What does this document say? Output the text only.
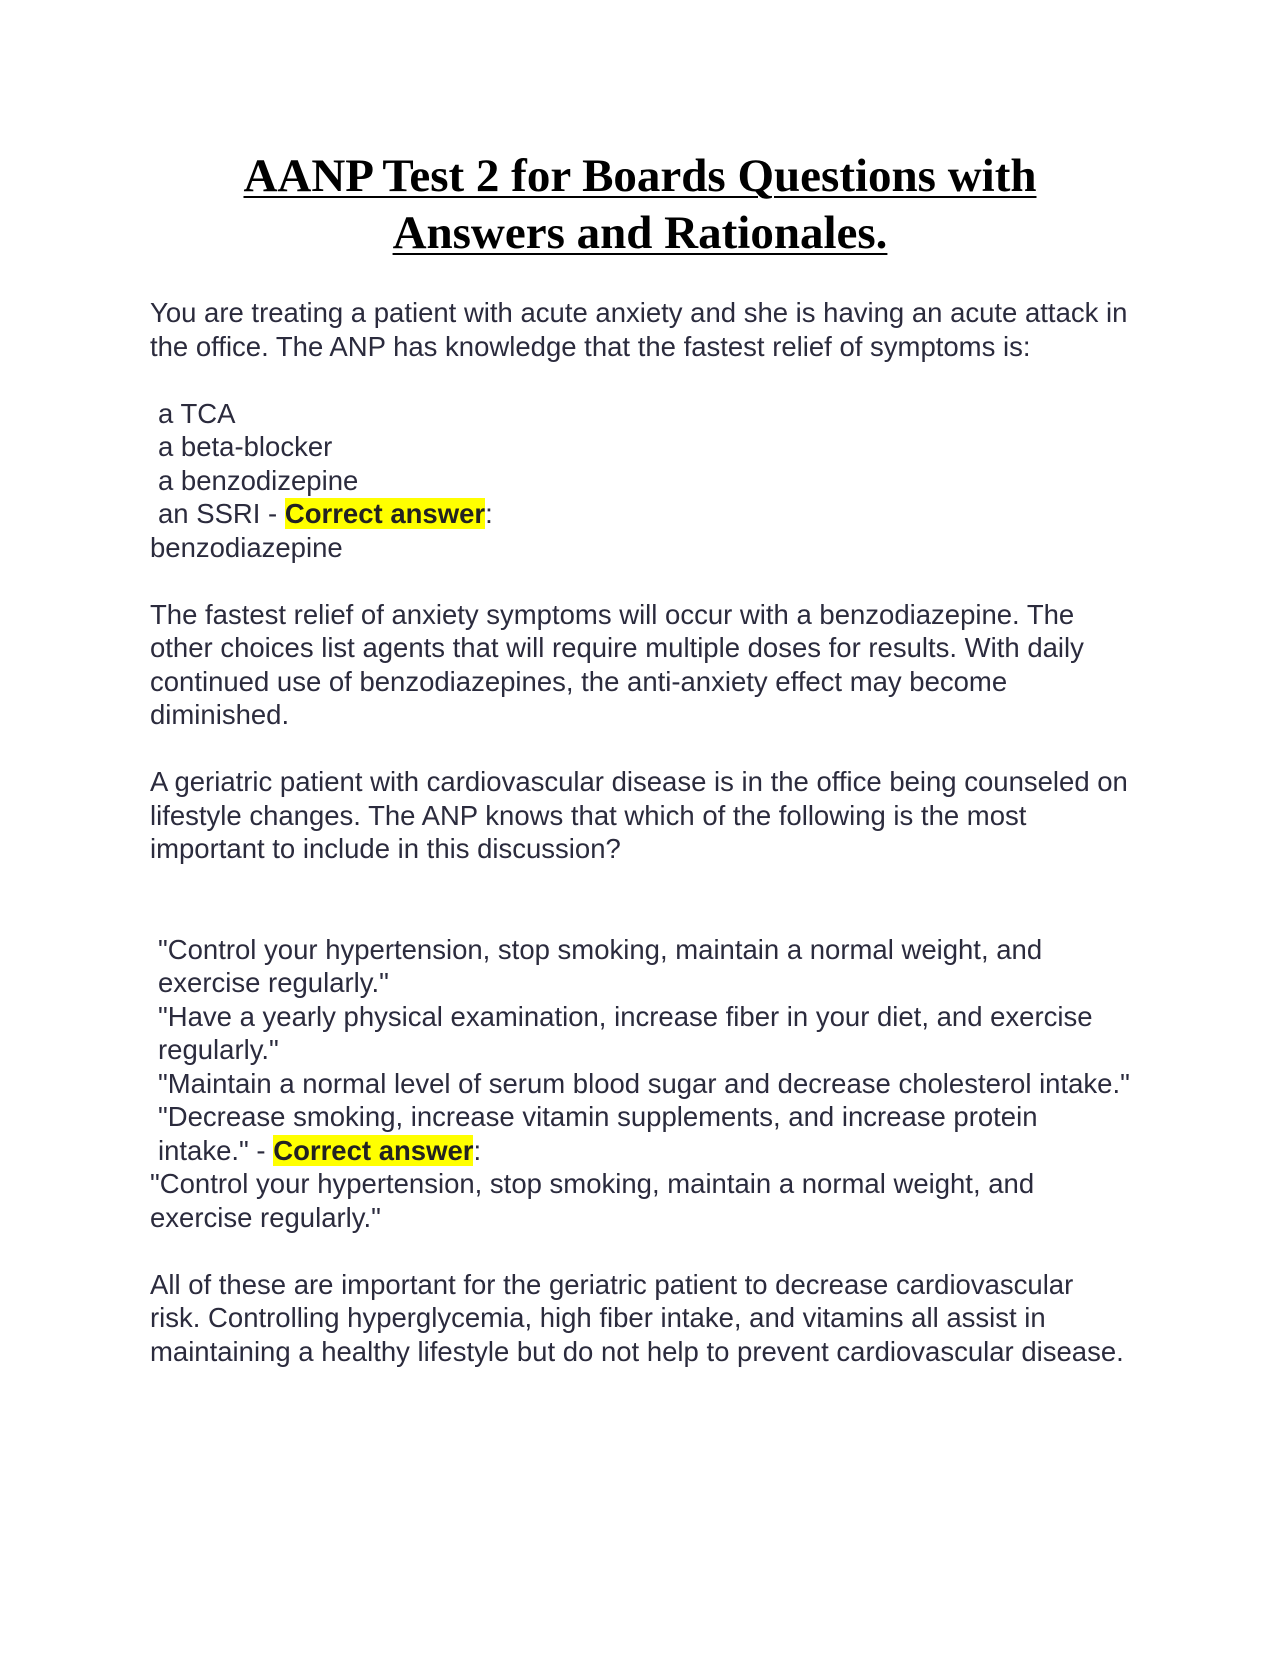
AANP Test 2 for Boards Questions with
Answers and Rationales.

You are treating a patient with acute anxiety and she is having an acute attack in the office. The ANP has knowledge that the fastest relief of symptoms is:

a TCA

a beta-blocker

a benzodizepine

an SSRI - Correct answer:

benzodiazepine

The fastest relief of anxiety symptoms will occur with a benzodiazepine. The other choices list agents that will require multiple doses for results. With daily continued use of benzodiazepines, the anti-anxiety effect may become diminished.

A geriatric patient with cardiovascular disease is in the office being counseled on lifestyle changes. The ANP knows that which of the following is the most important to include in this discussion?

"Control your hypertension, stop smoking, maintain a normal weight, and exercise regularly."

"Have a yearly physical examination, increase fiber in your diet, and exercise regularly."

"Maintain a normal level of serum blood sugar and decrease cholesterol intake."

"Decrease smoking, increase vitamin supplements, and increase protein intake." - Correct answer:

"Control your hypertension, stop smoking, maintain a normal weight, and exercise regularly."

All of these are important for the geriatric patient to decrease cardiovascular risk. Controlling hyperglycemia, high fiber intake, and vitamins all assist in maintaining a healthy lifestyle but do not help to prevent cardiovascular disease.
